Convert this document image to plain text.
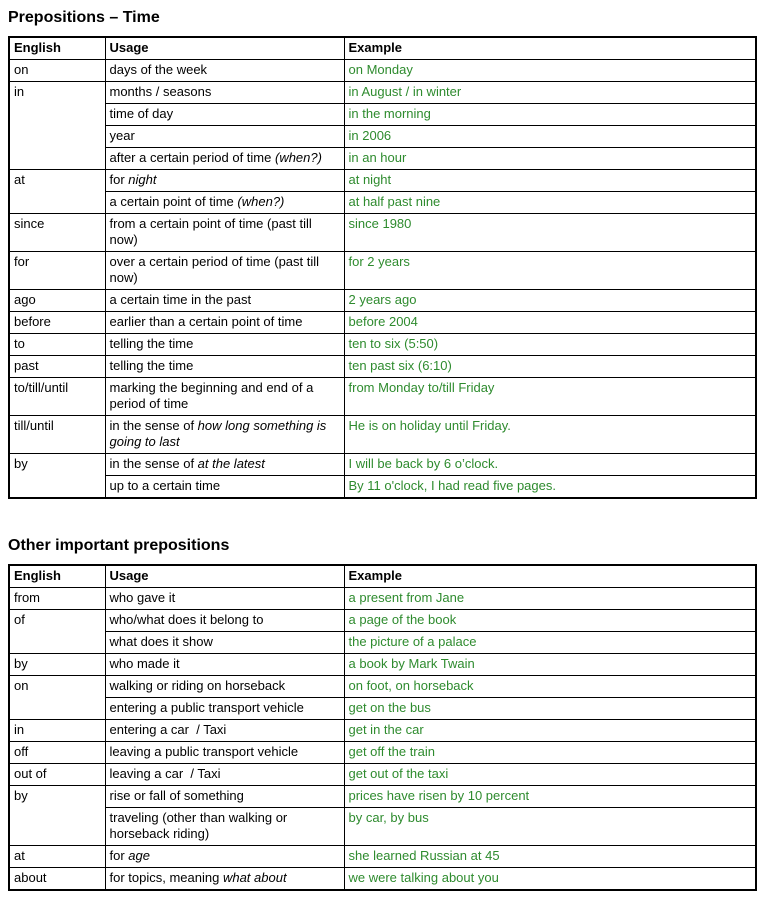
Prepositions – Time
English	Usage	Example
on	days of the week	on Monday
in	months / seasons	in August / in winter
	time of day	in the morning
	year	in 2006
	after a certain period of time (when?)	in an hour
at	for night	at night
	a certain point of time (when?)	at half past nine
since	from a certain point of time (past till now)	since 1980
for	over a certain period of time (past till now)	for 2 years
ago	a certain time in the past	2 years ago
before	earlier than a certain point of time	before 2004
to	telling the time	ten to six (5:50)
past	telling the time	ten past six (6:10)
to/till/until	marking the beginning and end of a period of time	from Monday to/till Friday
till/until	in the sense of how long something is going to last	He is on holiday until Friday.
by	in the sense of at the latest	I will be back by 6 o’clock.
	up to a certain time	By 11 o'clock, I had read five pages.
Other important prepositions
English	Usage	Example
from	who gave it	a present from Jane
of	who/what does it belong to	a page of the book
	what does it show	the picture of a palace
by	who made it	a book by Mark Twain
on	walking or riding on horseback	on foot, on horseback
	entering a public transport vehicle	get on the bus
in	entering a car  / Taxi	get in the car
off	leaving a public transport vehicle	get off the train
out of	leaving a car  / Taxi	get out of the taxi
by	rise or fall of something	prices have risen by 10 percent
	traveling (other than walking or horseback riding)	by car, by bus
at	for age	she learned Russian at 45
about	for topics, meaning what about	we were talking about you
